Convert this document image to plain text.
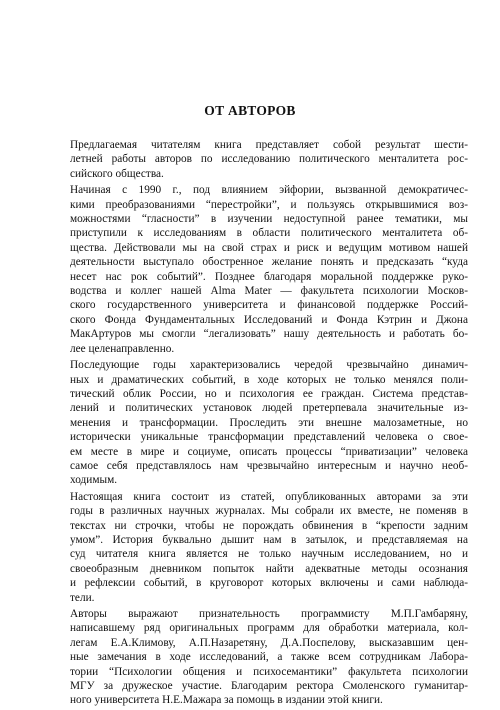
ОТ АВТОРОВ

Предлагаемая читателям книга представляет собой результат шести-
летней работы авторов по исследованию политического менталитета рос-
сийского общества.

Начиная с 1990 г., под влиянием эйфории, вызванной демократичес-
кими преобразованиями “перестройки”, и пользуясь открывшимися воз-
можностями “гласности” в изучении недоступной ранее тематики, мы
приступили к исследованиям в области политического менталитета об-
щества. Действовали мы на свой страх и риск и ведущим мотивом нашей
деятельности выступало обостренное желание понять и предсказать “куда
несет нас рок событий”. Позднее благодаря моральной поддержке руко-
водства и коллег нашей Alma Mater — факультета психологии Москов-
ского государственного университета и финансовой поддержке Россий-
ского Фонда Фундаментальных Исследований и Фонда Кэтрин и Джона
МакАртуров мы смогли “легализовать” нашу деятельность и работать бо-
лее целенаправленно.

Последующие годы характеризовались чередой чрезвычайно динамич-
ных и драматических событий, в ходе которых не только менялся поли-
тический облик России, но и психология ее граждан. Система представ-
лений и политических установок людей претерпевала значительные из-
менения и трансформации. Проследить эти внешне малозаметные, но
исторически уникальные трансформации представлений человека о свое-
ем месте в мире и социуме, описать процессы “приватизации” человека
самое себя представлялось нам чрезвычайно интересным и научно необ-
ходимым.

Настоящая книга состоит из статей, опубликованных авторами за эти
годы в различных научных журналах. Мы собрали их вместе, не поменяв в
текстах ни строчки, чтобы не порождать обвинения в “крепости задним
умом”. История буквально дышит нам в затылок, и представляемая на
суд читателя книга является не только научным исследованием, но и
своеобразным дневником попыток найти адекватные методы осознания
и рефлексии событий, в круговорот которых включены и сами наблюда-
тели.

Авторы выражают признательность программисту М.П.Гамбаряну,
написавшему ряд оригинальных программ для обработки материала, кол-
легам Е.А.Климову, А.П.Назаретяну, Д.А.Поспелову, высказавшим цен-
ные замечания в ходе исследований, а также всем сотрудникам Лабора-
тории “Психологии общения и психосемантики” факультета психологии
МГУ за дружеское участие. Благодарим ректора Смоленского гуманитар-
ного университета Н.Е.Мажара за помощь в издании этой книги.
